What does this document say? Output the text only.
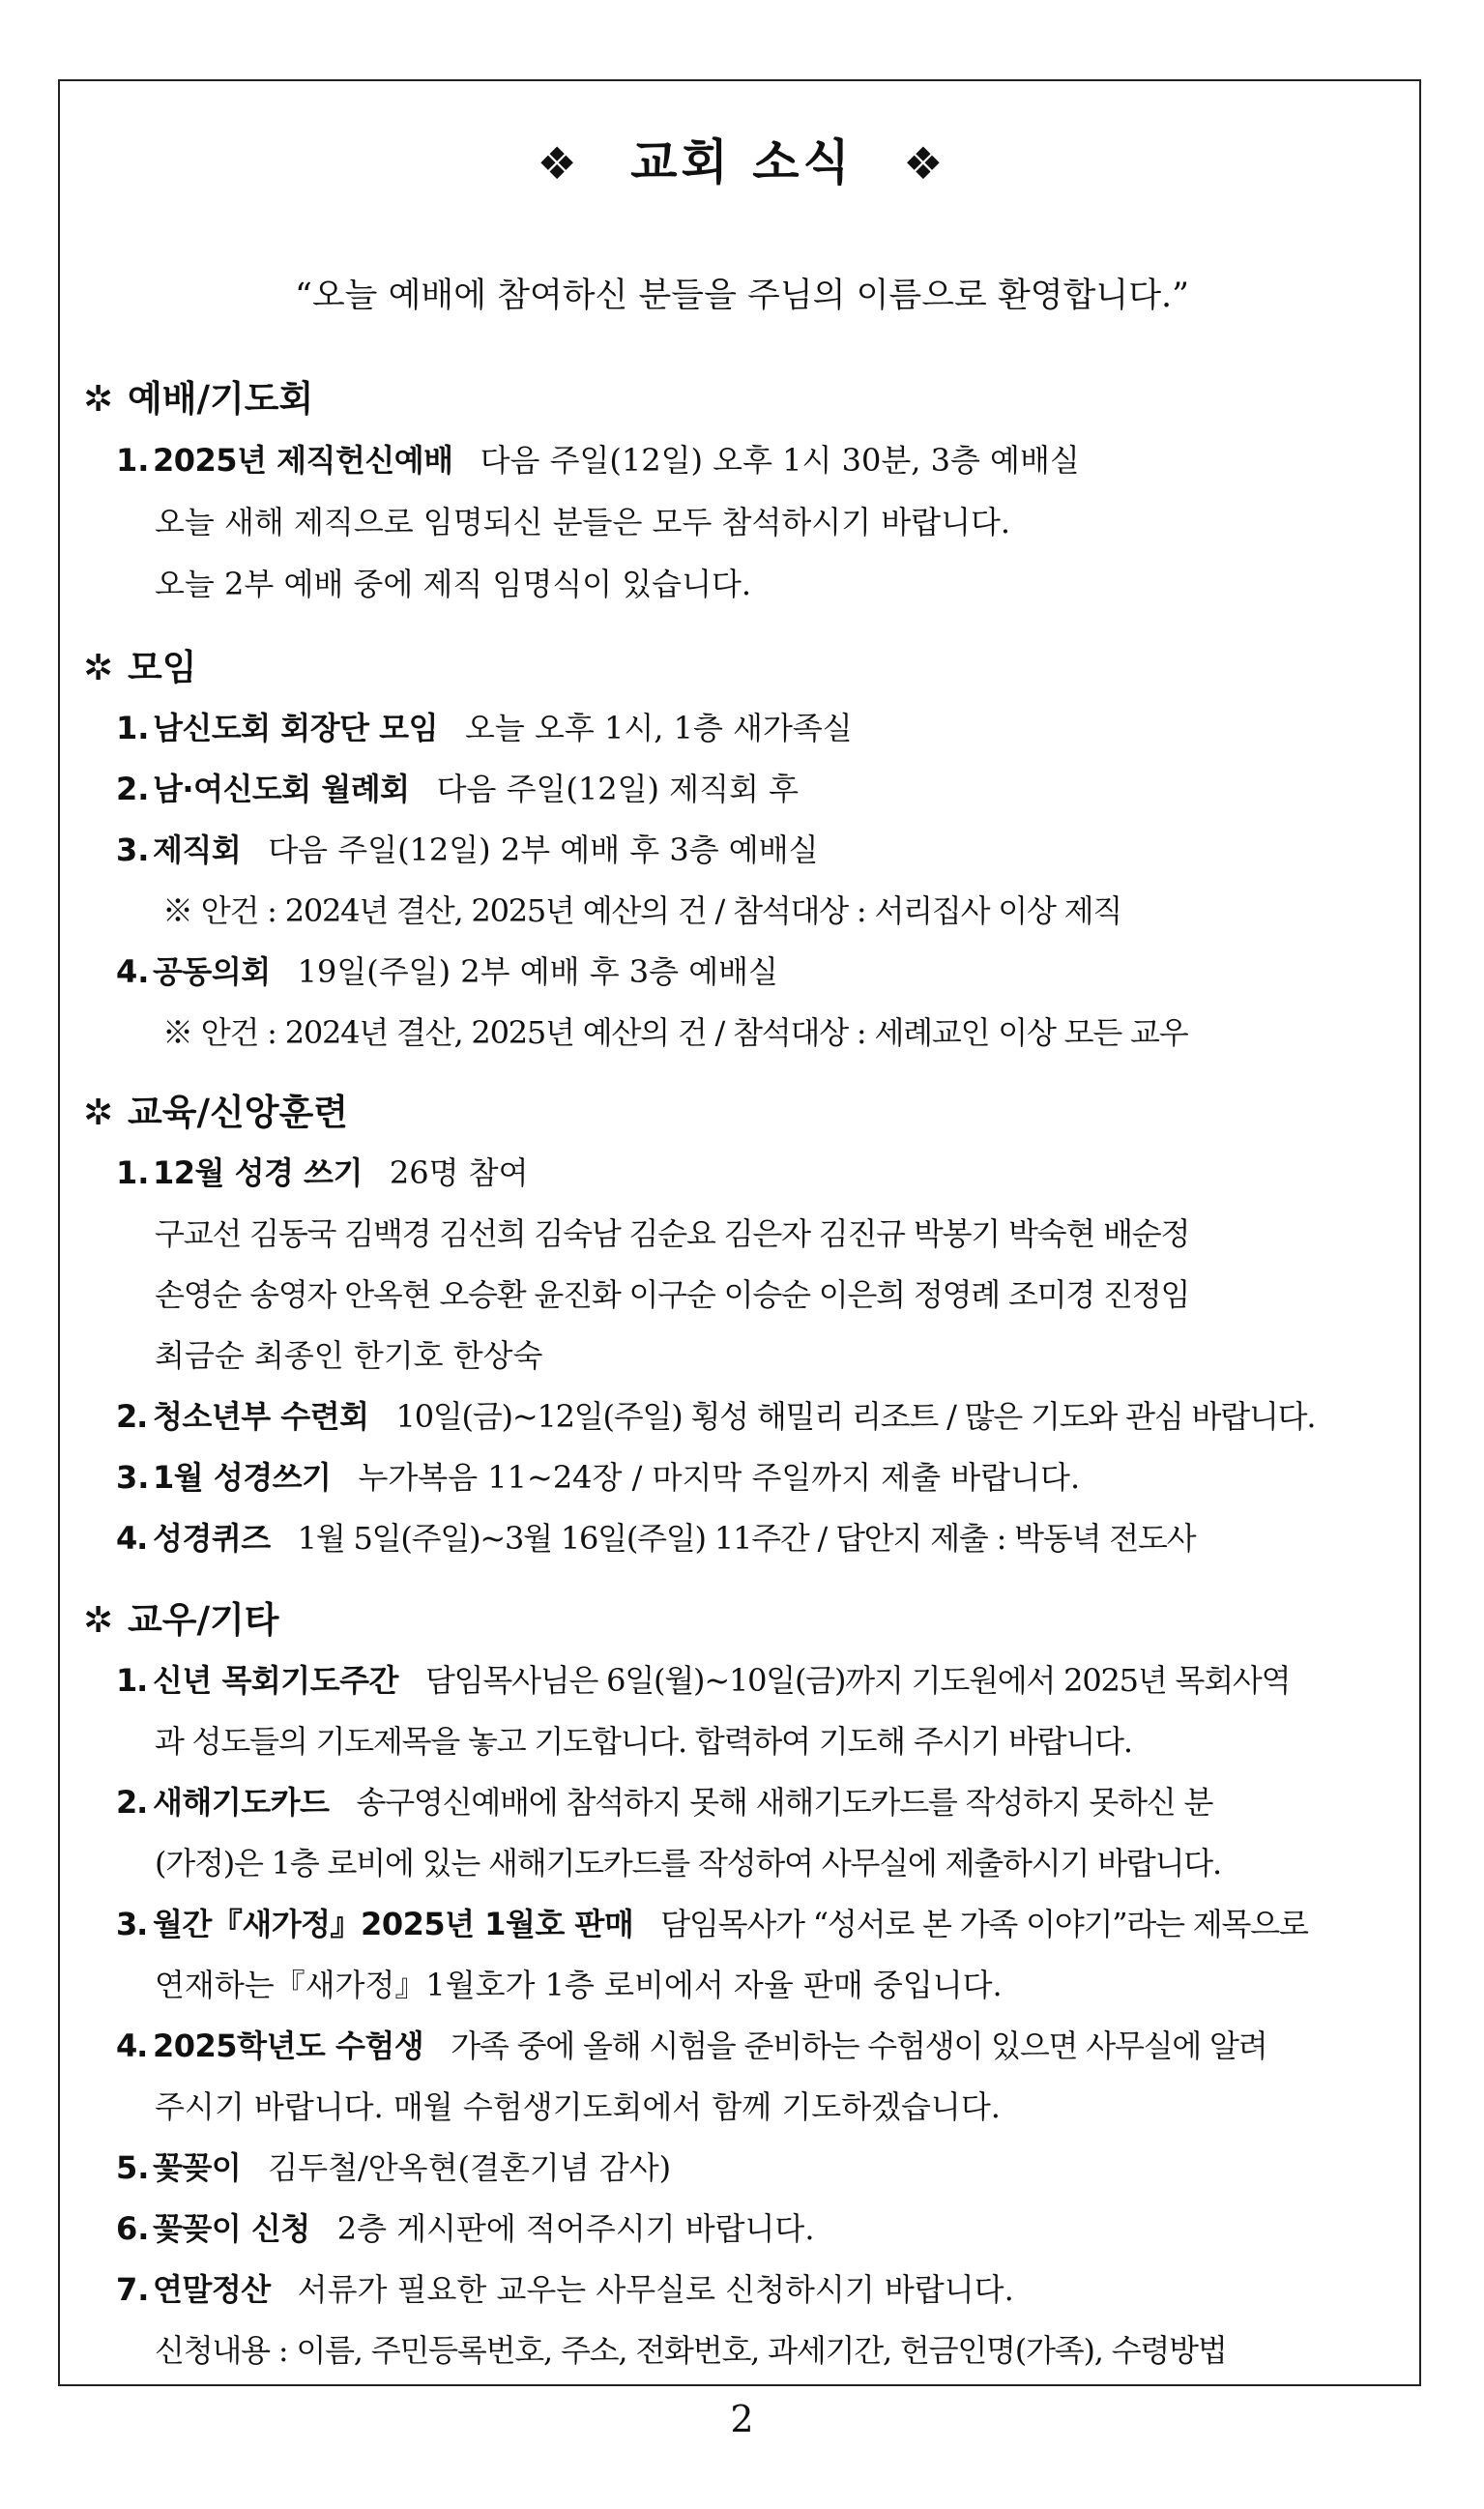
❖ 교회 소식 ❖
“오늘 예배에 참여하신 분들을 주님의 이름으로 환영합니다.”
✲ 예배/기도회
1. 2025년 제직헌신예배 다음 주일(12일) 오후 1시 30분, 3층 예배실
오늘 새해 제직으로 임명되신 분들은 모두 참석하시기 바랍니다.
오늘 2부 예배 중에 제직 임명식이 있습니다.
✲ 모임
1. 남신도회 회장단 모임 오늘 오후 1시, 1층 새가족실
2. 남·여신도회 월례회 다음 주일(12일) 제직회 후
3. 제직회 다음 주일(12일) 2부 예배 후 3층 예배실
※ 안건 : 2024년 결산, 2025년 예산의 건 / 참석대상 : 서리집사 이상 제직
4. 공동의회 19일(주일) 2부 예배 후 3층 예배실
※ 안건 : 2024년 결산, 2025년 예산의 건 / 참석대상 : 세례교인 이상 모든 교우
✲ 교육/신앙훈련
1. 12월 성경 쓰기 26명 참여
구교선 김동국 김백경 김선희 김숙남 김순요 김은자 김진규 박봉기 박숙현 배순정
손영순 송영자 안옥현 오승환 윤진화 이구순 이승순 이은희 정영례 조미경 진정임
최금순 최종인 한기호 한상숙
2. 청소년부 수련회 10일(금)~12일(주일) 횡성 해밀리 리조트 / 많은 기도와 관심 바랍니다.
3. 1월 성경쓰기 누가복음 11~24장 / 마지막 주일까지 제출 바랍니다.
4. 성경퀴즈 1월 5일(주일)~3월 16일(주일) 11주간 / 답안지 제출 : 박동녁 전도사
✲ 교우/기타
1. 신년 목회기도주간 담임목사님은 6일(월)~10일(금)까지 기도원에서 2025년 목회사역
과 성도들의 기도제목을 놓고 기도합니다. 합력하여 기도해 주시기 바랍니다.
2. 새해기도카드 송구영신예배에 참석하지 못해 새해기도카드를 작성하지 못하신 분
(가정)은 1층 로비에 있는 새해기도카드를 작성하여 사무실에 제출하시기 바랍니다.
3. 월간『새가정』2025년 1월호 판매 담임목사가 “성서로 본 가족 이야기”라는 제목으로
연재하는『새가정』1월호가 1층 로비에서 자율 판매 중입니다.
4. 2025학년도 수험생 가족 중에 올해 시험을 준비하는 수험생이 있으면 사무실에 알려
주시기 바랍니다. 매월 수험생기도회에서 함께 기도하겠습니다.
5. 꽃꽂이 김두철/안옥현(결혼기념 감사)
6. 꽃꽂이 신청 2층 게시판에 적어주시기 바랍니다.
7. 연말정산 서류가 필요한 교우는 사무실로 신청하시기 바랍니다.
신청내용 : 이름, 주민등록번호, 주소, 전화번호, 과세기간, 헌금인명(가족), 수령방법
2
